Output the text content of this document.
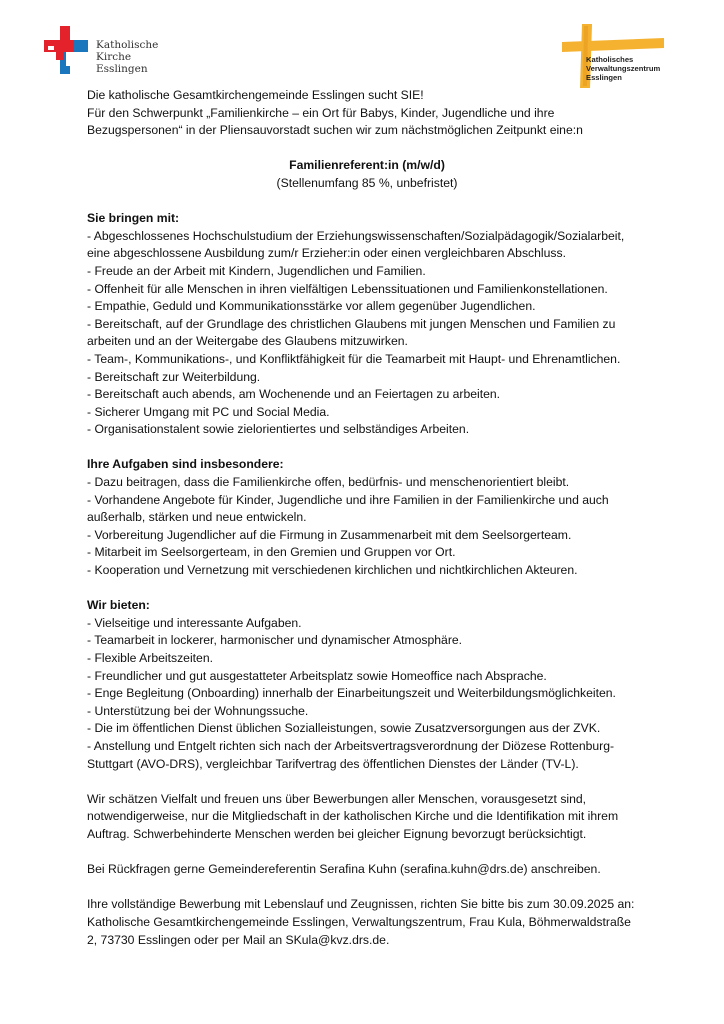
Katholische
Kirche
Esslingen
Katholisches
Verwaltungszentrum
Esslingen

Die katholische Gesamtkirchengemeinde Esslingen sucht SIE!

Für den Schwerpunkt „Familienkirche – ein Ort für Babys, Kinder, Jugendliche und ihre

Bezugspersonen“ in der Pliensauvorstadt suchen wir zum nächstmöglichen Zeitpunkt eine:n

Familienreferent:in (m/w/d)

(Stellenumfang 85 %, unbefristet)

Sie bringen mit:

- Abgeschlossenes Hochschulstudium der Erziehungswissenschaften/Sozialpädagogik/Sozialarbeit,

eine abgeschlossene Ausbildung zum/r Erzieher:in oder einen vergleichbaren Abschluss.

- Freude an der Arbeit mit Kindern, Jugendlichen und Familien.

- Offenheit für alle Menschen in ihren vielfältigen Lebenssituationen und Familienkonstellationen.

- Empathie, Geduld und Kommunikationsstärke vor allem gegenüber Jugendlichen.

- Bereitschaft, auf der Grundlage des christlichen Glaubens mit jungen Menschen und Familien zu

arbeiten und an der Weitergabe des Glaubens mitzuwirken.

- Team-, Kommunikations-, und Konfliktfähigkeit für die Teamarbeit mit Haupt- und Ehrenamtlichen.

- Bereitschaft zur Weiterbildung.

- Bereitschaft auch abends, am Wochenende und an Feiertagen zu arbeiten.

- Sicherer Umgang mit PC und Social Media.

- Organisationstalent sowie zielorientiertes und selbständiges Arbeiten.

Ihre Aufgaben sind insbesondere:

- Dazu beitragen, dass die Familienkirche offen, bedürfnis- und menschenorientiert bleibt.

- Vorhandene Angebote für Kinder, Jugendliche und ihre Familien in der Familienkirche und auch

außerhalb, stärken und neue entwickeln.

- Vorbereitung Jugendlicher auf die Firmung in Zusammenarbeit mit dem Seelsorgerteam.

- Mitarbeit im Seelsorgerteam, in den Gremien und Gruppen vor Ort.

- Kooperation und Vernetzung mit verschiedenen kirchlichen und nichtkirchlichen Akteuren.

Wir bieten:

- Vielseitige und interessante Aufgaben.

- Teamarbeit in lockerer, harmonischer und dynamischer Atmosphäre.

- Flexible Arbeitszeiten.

- Freundlicher und gut ausgestatteter Arbeitsplatz sowie Homeoffice nach Absprache.

- Enge Begleitung (Onboarding) innerhalb der Einarbeitungszeit und Weiterbildungsmöglichkeiten.

- Unterstützung bei der Wohnungssuche.

- Die im öffentlichen Dienst üblichen Sozialleistungen, sowie Zusatzversorgungen aus der ZVK.

- Anstellung und Entgelt richten sich nach der Arbeitsvertragsverordnung der Diözese Rottenburg-

Stuttgart (AVO-DRS), vergleichbar Tarifvertrag des öffentlichen Dienstes der Länder (TV-L).

Wir schätzen Vielfalt und freuen uns über Bewerbungen aller Menschen, vorausgesetzt sind,

notwendigerweise, nur die Mitgliedschaft in der katholischen Kirche und die Identifikation mit ihrem

Auftrag. Schwerbehinderte Menschen werden bei gleicher Eignung bevorzugt berücksichtigt.

Bei Rückfragen gerne Gemeindereferentin Serafina Kuhn (serafina.kuhn@drs.de) anschreiben.

Ihre vollständige Bewerbung mit Lebenslauf und Zeugnissen, richten Sie bitte bis zum 30.09.2025 an:

Katholische Gesamtkirchengemeinde Esslingen, Verwaltungszentrum, Frau Kula, Böhmerwaldstraße

2, 73730 Esslingen oder per Mail an SKula@kvz.drs.de.
